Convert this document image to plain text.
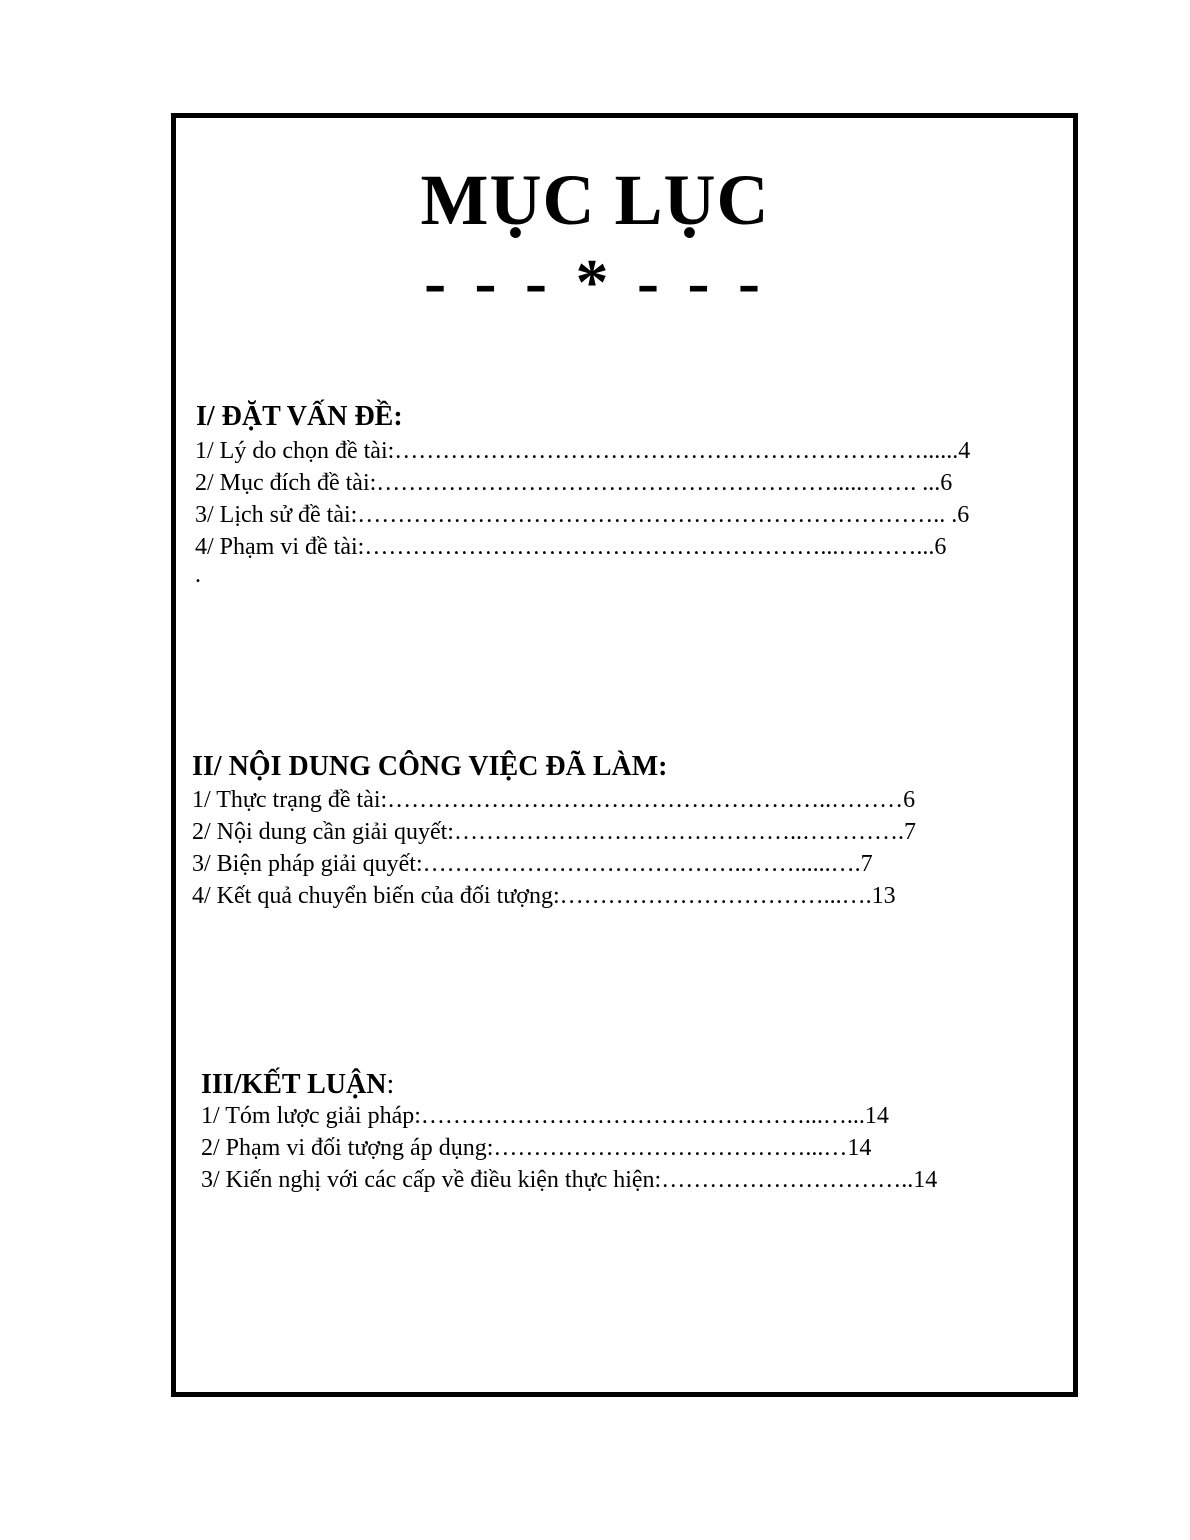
MỤC LỤC
- - - * - - -
I/ ĐẶT VẤN ĐỀ:
1/ Lý do chọn đề tài:…………………………………………………………......4
2/ Mục đích đề tài:………………………………………………….....……. ...6
3/ Lịch sử đề tài:……………………………………………………………….. .6
4/ Phạm vi đề tài:…………………………………………………...….……...6
.
II/ NỘI DUNG CÔNG VIỆC ĐÃ LÀM:
1/ Thực trạng đề tài:………………………………………………..………6
2/ Nội dung cần giải quyết:……………………………………..………….7
3/ Biện pháp giải quyết:…………………………………..……......….7
4/ Kết quả chuyển biến của đối tượng:……………………………...….13
III/KẾT LUẬN:
1/ Tóm lược giải pháp:…………………………………………...…...14
2/ Phạm vi đối tượng áp dụng:…………………………………...…14
3/ Kiến nghị với các cấp về điều kiện thực hiện:…………………………..14
